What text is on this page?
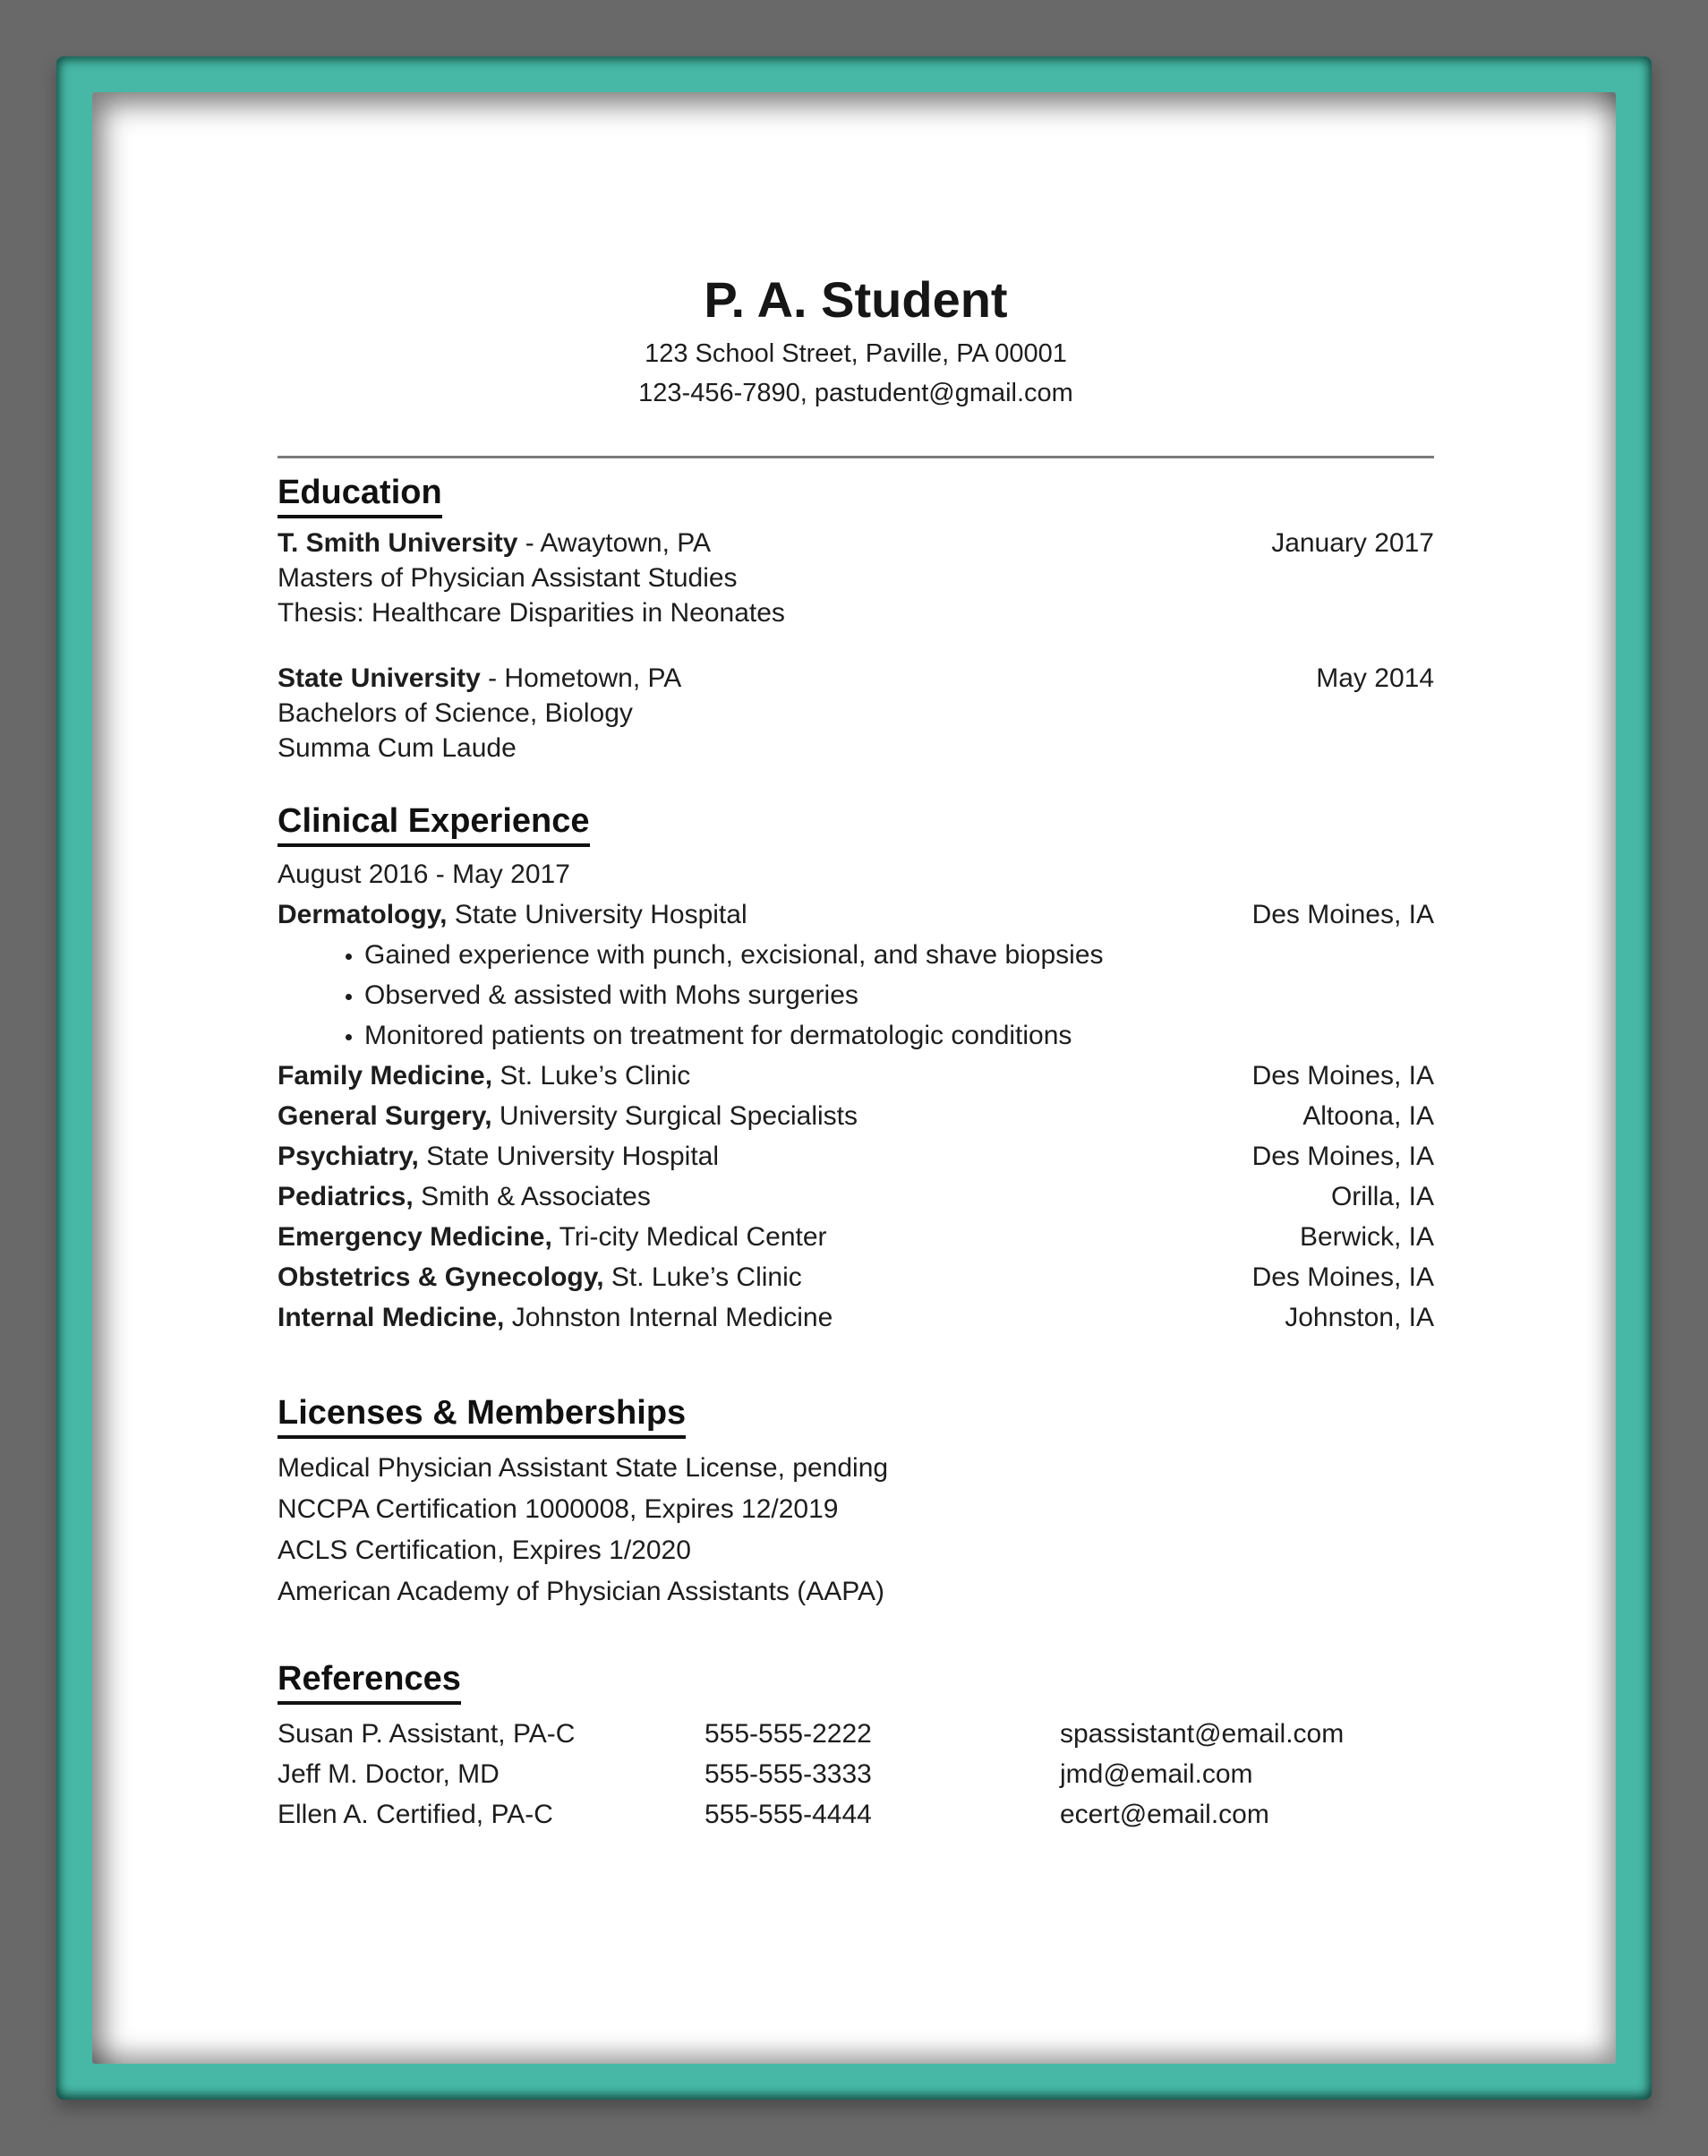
P. A. Student
123 School Street, Paville, PA 00001
123-456-7890, pastudent@gmail.com
Education
T. Smith University - Awaytown, PA	January 2017
Masters of Physician Assistant Studies
Thesis: Healthcare Disparities in Neonates
State University - Hometown, PA	May 2014
Bachelors of Science, Biology
Summa Cum Laude
Clinical Experience
August 2016 - May 2017
Dermatology, State University Hospital	Des Moines, IA
• Gained experience with punch, excisional, and shave biopsies
• Observed & assisted with Mohs surgeries
• Monitored patients on treatment for dermatologic conditions
Family Medicine, St. Luke’s Clinic	Des Moines, IA
General Surgery, University Surgical Specialists	Altoona, IA
Psychiatry, State University Hospital	Des Moines, IA
Pediatrics, Smith & Associates	Orilla, IA
Emergency Medicine, Tri-city Medical Center	Berwick, IA
Obstetrics & Gynecology, St. Luke’s Clinic	Des Moines, IA
Internal Medicine, Johnston Internal Medicine	Johnston, IA
Licenses & Memberships
Medical Physician Assistant State License, pending
NCCPA Certification 1000008, Expires 12/2019
ACLS Certification, Expires 1/2020
American Academy of Physician Assistants (AAPA)
References
Susan P. Assistant, PA-C	555-555-2222	spassistant@email.com
Jeff M. Doctor, MD	555-555-3333	jmd@email.com
Ellen A. Certified, PA-C	555-555-4444	ecert@email.com
